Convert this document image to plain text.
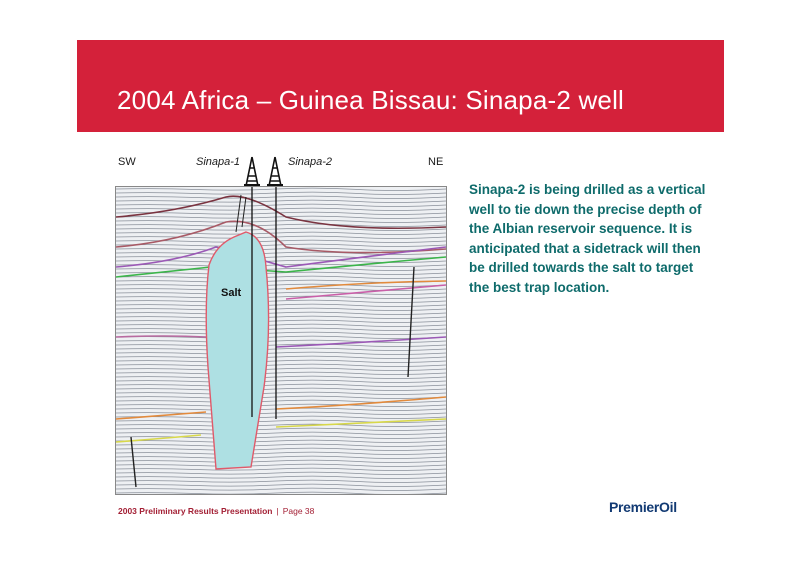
2004 Africa – Guinea Bissau: Sinapa-2 well
SW	Sinapa-1	Sinapa-2	NE
Salt

Sinapa-2 is being drilled as a vertical well to tie down the precise depth of the Albian reservoir sequence. It is anticipated that a sidetrack will then be drilled towards the salt to target the best trap location.

2003 Preliminary Results Presentation | Page 38	PremierOil
